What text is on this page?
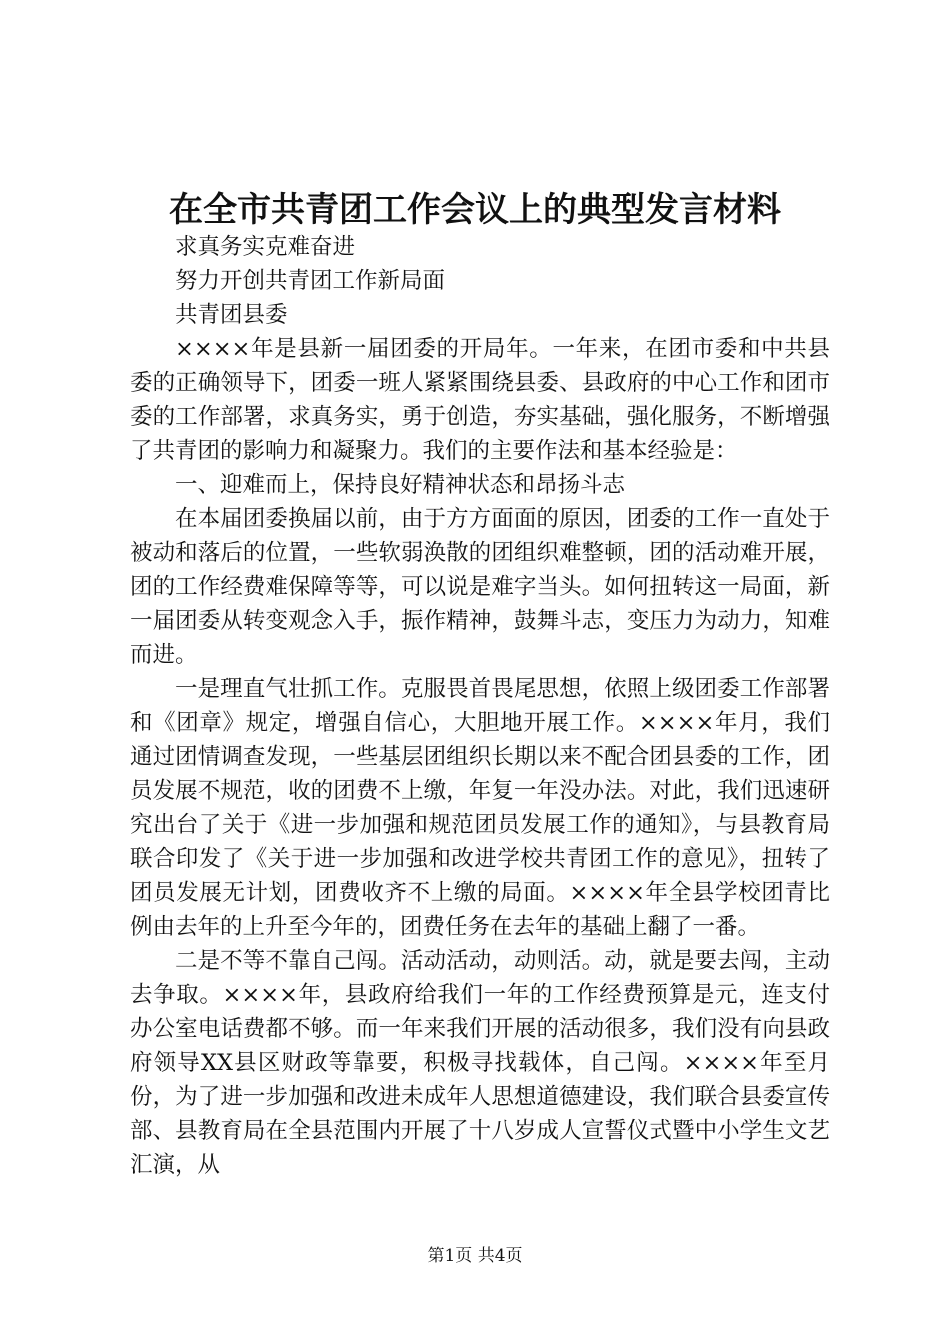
在全市共青团工作会议上的典型发言材料

求真务实克难奋进

努力开创共青团工作新局面

共青团县委

××××年是县新一届团委的开局年。一年来，在团市委和中共县委的正确领导下，团委一班人紧紧围绕县委、县政府的中心工作和团市委的工作部署，求真务实，勇于创造，夯实基础，强化服务，不断增强了共青团的影响力和凝聚力。我们的主要作法和基本经验是：

一、迎难而上，保持良好精神状态和昂扬斗志

在本届团委换届以前，由于方方面面的原因，团委的工作一直处于被动和落后的位置，一些软弱涣散的团组织难整顿，团的活动难开展，团的工作经费难保障等等，可以说是难字当头。如何扭转这一局面，新一届团委从转变观念入手，振作精神，鼓舞斗志，变压力为动力，知难而进。

一是理直气壮抓工作。克服畏首畏尾思想，依照上级团委工作部署和《团章》规定，增强自信心，大胆地开展工作。××××年月，我们通过团情调查发现，一些基层团组织长期以来不配合团县委的工作，团员发展不规范，收的团费不上缴，年复一年没办法。对此，我们迅速研究出台了关于《进一步加强和规范团员发展工作的通知》，与县教育局联合印发了《关于进一步加强和改进学校共青团工作的意见》，扭转了团员发展无计划，团费收齐不上缴的局面。××××年全县学校团青比例由去年的上升至今年的，团费任务在去年的基础上翻了一番。

二是不等不靠自己闯。活动活动，动则活。动，就是要去闯，主动去争取。××××年，县政府给我们一年的工作经费预算是元，连支付办公室电话费都不够。而一年来我们开展的活动很多，我们没有向县政府领导XX县区财政等靠要，积极寻找载体，自己闯。××××年至月份，为了进一步加强和改进未成年人思想道德建设，我们联合县委宣传部、县教育局在全县范围内开展了十八岁成人宣誓仪式暨中小学生文艺汇演，从

第1页 共4页
